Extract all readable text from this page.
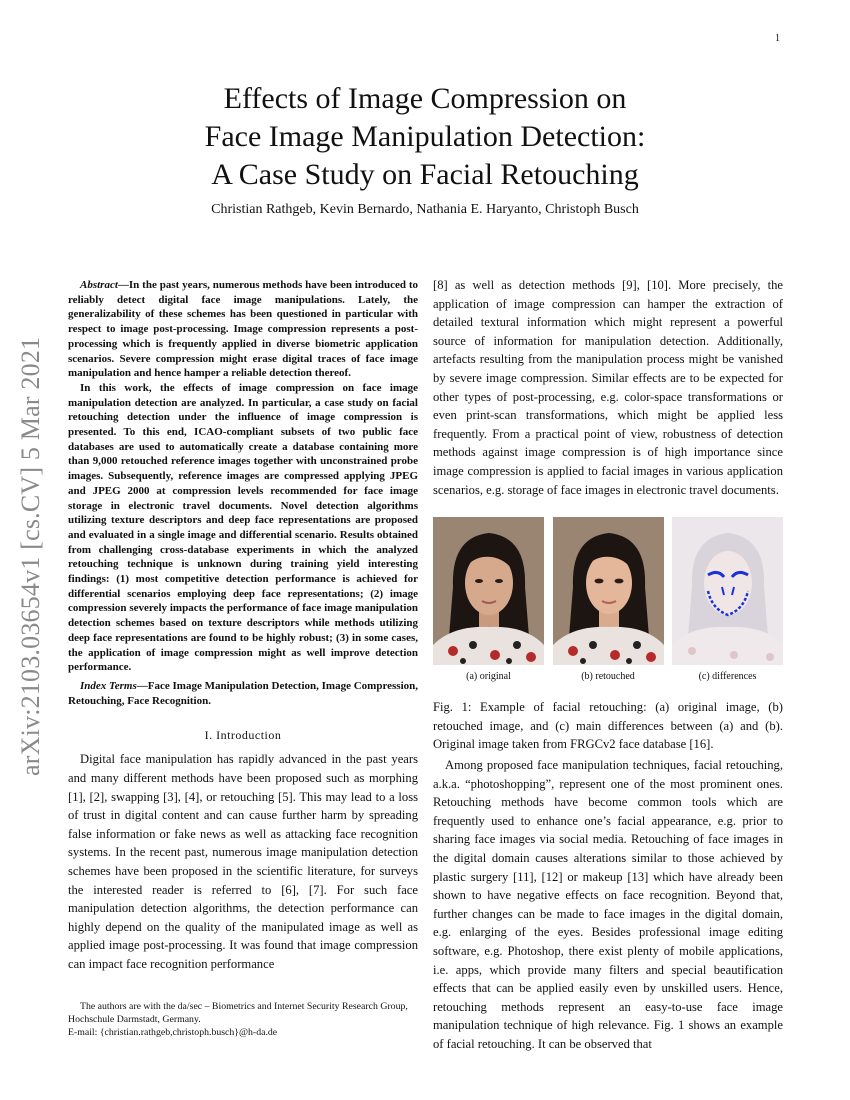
1
arXiv:2103.03654v1 [cs.CV] 5 Mar 2021
Effects of Image Compression on
Face Image Manipulation Detection:
A Case Study on Facial Retouching
Christian Rathgeb, Kevin Bernardo, Nathania E. Haryanto, Christoph Busch

Abstract—In the past years, numerous methods have been introduced to reliably detect digital face image manipulations. Lately, the generalizability of these schemes has been questioned in particular with respect to image post-processing. Image compression represents a post-processing which is frequently applied in diverse biometric application scenarios. Severe compression might erase digital traces of face image manipulation and hence hamper a reliable detection thereof.

In this work, the effects of image compression on face image manipulation detection are analyzed. In particular, a case study on facial retouching detection under the influence of image compression is presented. To this end, ICAO-compliant subsets of two public face databases are used to automatically create a database containing more than 9,000 retouched reference images together with unconstrained probe images. Subsequently, reference images are compressed applying JPEG and JPEG 2000 at compression levels recommended for face image storage in electronic travel documents. Novel detection algorithms utilizing texture descriptors and deep face representations are proposed and evaluated in a single image and differential scenario. Results obtained from challenging cross-database experiments in which the analyzed retouching technique is unknown during training yield interesting findings: (1) most competitive detection performance is achieved for differential scenarios employing deep face representations; (2) image compression severely impacts the performance of face image manipulation detection schemes based on texture descriptors while methods utilizing deep face representations are found to be highly robust; (3) in some cases, the application of image compression might as well improve detection performance.

Index Terms—Face Image Manipulation Detection, Image Compression, Retouching, Face Recognition.
I. Introduction

Digital face manipulation has rapidly advanced in the past years and many different methods have been proposed such as morphing [1], [2], swapping [3], [4], or retouching [5]. This may lead to a loss of trust in digital content and can cause further harm by spreading false information or fake news as well as attacking face recognition systems. In the recent past, numerous image manipulation detection schemes have been proposed in the scientific literature, for surveys the interested reader is referred to [6], [7]. For such face manipulation detection algorithms, the detection performance can highly depend on the quality of the manipulated image as well as applied image post-processing. It was found that image compression can impact face recognition performance

The authors are with the da/sec – Biometrics and Internet Security Research Group, Hochschule Darmstadt, Germany.

E-mail: {christian.rathgeb,christoph.busch}@h-da.de

[8] as well as detection methods [9], [10]. More precisely, the application of image compression can hamper the extraction of detailed textural information which might represent a powerful source of information for manipulation detection. Additionally, artefacts resulting from the manipulation process might be vanished by severe image compression. Similar effects are to be expected for other types of post-processing, e.g. color-space transformations or even print-scan transformations, which might be applied less frequently. From a practical point of view, robustness of detection methods against image compression is of high importance since image compression is applied to facial images in various application scenarios, e.g. storage of face images in electronic travel documents.

(a) original	(b) retouched	(c) differences
Fig. 1: Example of facial retouching: (a) original image, (b) retouched image, and (c) main differences between (a) and (b). Original image taken from FRGCv2 face database [16].

Among proposed face manipulation techniques, facial retouching, a.k.a. “photoshopping”, represent one of the most prominent ones. Retouching methods have become common tools which are frequently used to enhance one’s facial appearance, e.g. prior to sharing face images via social media. Retouching of face images in the digital domain causes alterations similar to those achieved by plastic surgery [11], [12] or makeup [13] which have already been shown to have negative effects on face recognition. Beyond that, further changes can be made to face images in the digital domain, e.g. enlarging of the eyes. Besides professional image editing software, e.g. Photoshop, there exist plenty of mobile applications, i.e. apps, which provide many filters and special beautification effects that can be applied easily even by unskilled users. Hence, retouching methods represent an easy-to-use face image manipulation technique of high relevance. Fig. 1 shows an example of facial retouching. It can be observed that
